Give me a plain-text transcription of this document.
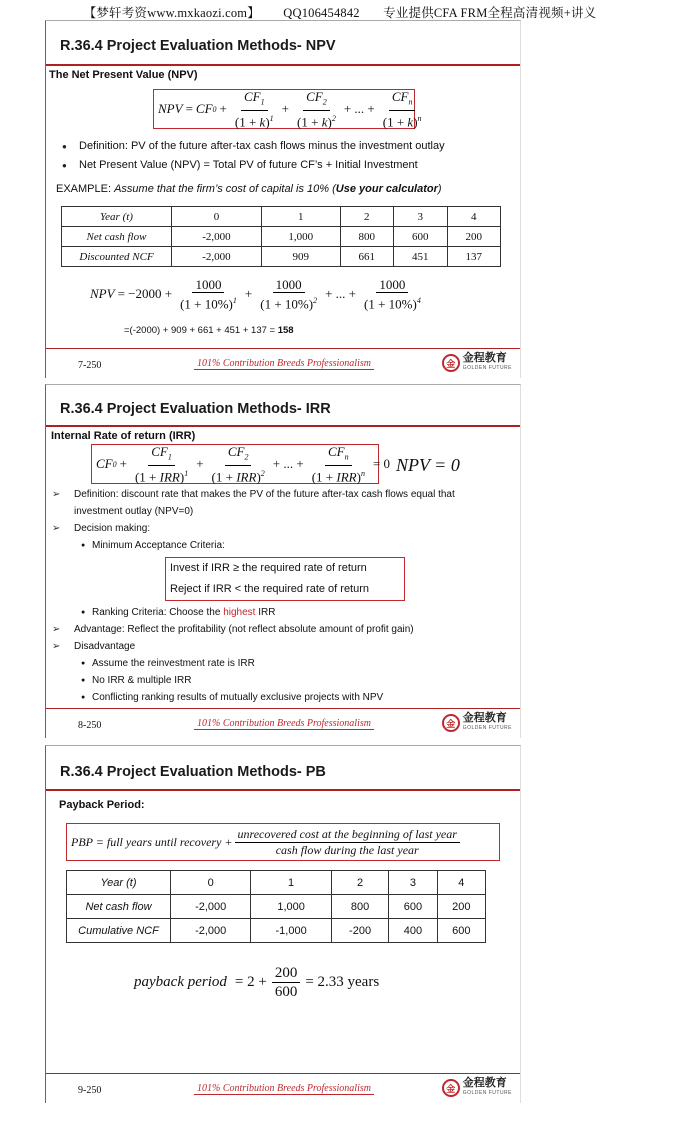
【梦轩考资www.mxkaozi.com】 QQ106454842 专业提供CFA FRM全程高清视频+讲义
R.36.4 Project Evaluation Methods- NPV
The Net Present Value (NPV)
NPV = CF $0 + \frac{CF_1}{(1 + k)^1} + \frac{CF_2}{(1 + k)^2}$ + ... + $\frac{CF_n}{(1 + k)^n}$
● Definition: PV of the future after-tax cash flows minus the investment outlay
● Net Present Value (NPV) = Total PV of future CF’s + Initial Investment
EXAMPLE: Assume that the firm’s cost of capital is 10% (Use your calculator)
Year (t)	0	1	2	3	4
Net cash flow	-2,000	1,000	800	600	200
Discounted NCF	-2,000	909	661	451	137
NPV = $-2000 + \frac{1000}{(1 + 10\%)^1} + \frac{1000}{(1 + 10\%)^2}$ + ... + $\frac{1000}{(1 + 10\%)^4}$
=(-2000) + 909 + 661 + 451 + 137 = 158
7-250	101% Contribution Breeds Professionalism	金 金程教育
GOLDEN FUTURE
R.36.4 Project Evaluation Methods- IRR
Internal Rate of return (IRR)
CF $0 + \frac{CF_1}{(1 + IRR)^1} + \frac{CF_2}{(1 + IRR)^2}$ + ... + $\frac{CF_n}{(1 + IRR)^n} = 0$ NPV = 0
➢ Definition: discount rate that makes the PV of the future after-tax cash flows equal that
investment outlay (NPV=0)
➢ Decision making:
● Minimum Acceptance Criteria:
Invest if IRR ≥ the required rate of return
Reject if IRR < the required rate of return
● Ranking Criteria: Choose the highest IRR
➢ Advantage: Reflect the profitability (not reflect absolute amount of profit gain)
➢ Disadvantage
● Assume the reinvestment rate is IRR
● No IRR & multiple IRR
● Conflicting ranking results of mutually exclusive projects with NPV
8-250	101% Contribution Breeds Professionalism	金 金程教育
GOLDEN FUTURE
R.36.4 Project Evaluation Methods- PB
Payback Period:
PBP = full years until recovery + $\frac{\text{unrecovered cost at the beginning of last year}}{\text{cash flow during the last year}}$
Year (t)	0	1	2	3	4
Net cash flow	-2,000	1,000	800	600	200
Cumulative NCF	-2,000	-1,000	-200	400	600
payback period = $2 + \frac{200}{600} = 2.33$ years
9-250	101% Contribution Breeds Professionalism	金 金程教育
GOLDEN FUTURE
